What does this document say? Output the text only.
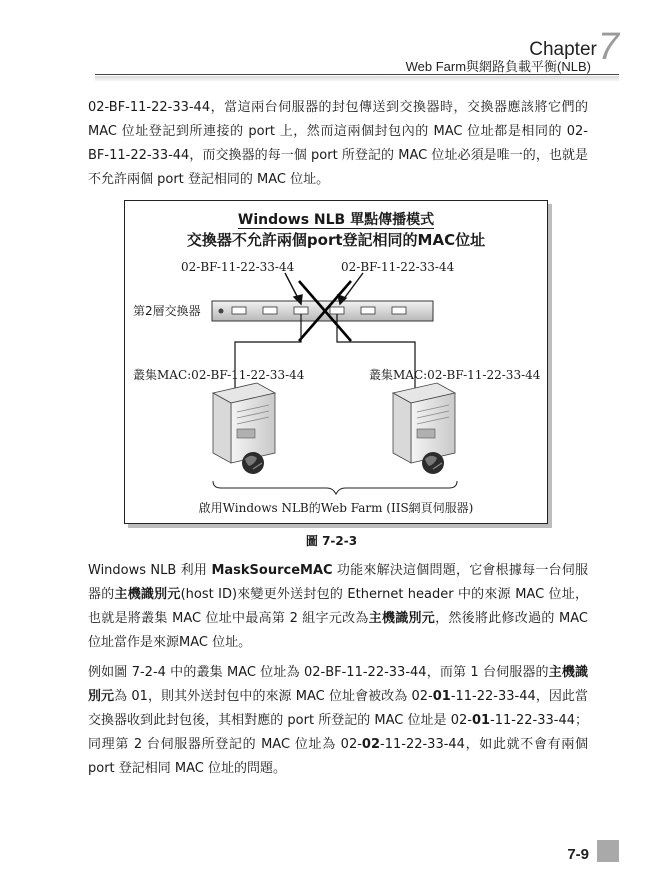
Chapter7
Web Farm與網路負載平衡(NLB)

02-BF-11-22-33-44，當這兩台伺服器的封包傳送到交換器時，交換器應該將它們的 MAC 位址登記到所連接的 port 上，然而這兩個封包內的 MAC 位址都是相同的 02-BF-11-22-33-44，而交換器的每一個 port 所登記的 MAC 位址必須是唯一的，也就是不允許兩個 port 登記相同的 MAC 位址。

Windows NLB 單點傳播模式
交換器不允許兩個port登記相同的MAC位址
02-BF-11-22-33-44	02-BF-11-22-33-44
第2層交換器
叢集MAC:02-BF-11-22-33-44	叢集MAC:02-BF-11-22-33-44
啟用Windows NLB的Web Farm (IIS網頁伺服器)
圖 7-2-3

Windows NLB 利用 MaskSourceMAC 功能來解決這個問題，它會根據每一台伺服器的主機識別元(host ID)來變更外送封包的 Ethernet header 中的來源 MAC 位址，也就是將叢集 MAC 位址中最高第 2 組字元改為主機識別元，然後將此修改過的 MAC 位址當作是來源MAC 位址。

例如圖 7-2-4 中的叢集 MAC 位址為 02-BF-11-22-33-44，而第 1 台伺服器的主機識別元為 01，則其外送封包中的來源 MAC 位址會被改為 02-01-11-22-33-44，因此當交換器收到此封包後，其相對應的 port 所登記的 MAC 位址是 02-01-11-22-33-44；同理第 2 台伺服器所登記的 MAC 位址為 02-02-11-22-33-44，如此就不會有兩個 port 登記相同 MAC 位址的問題。

7-9
